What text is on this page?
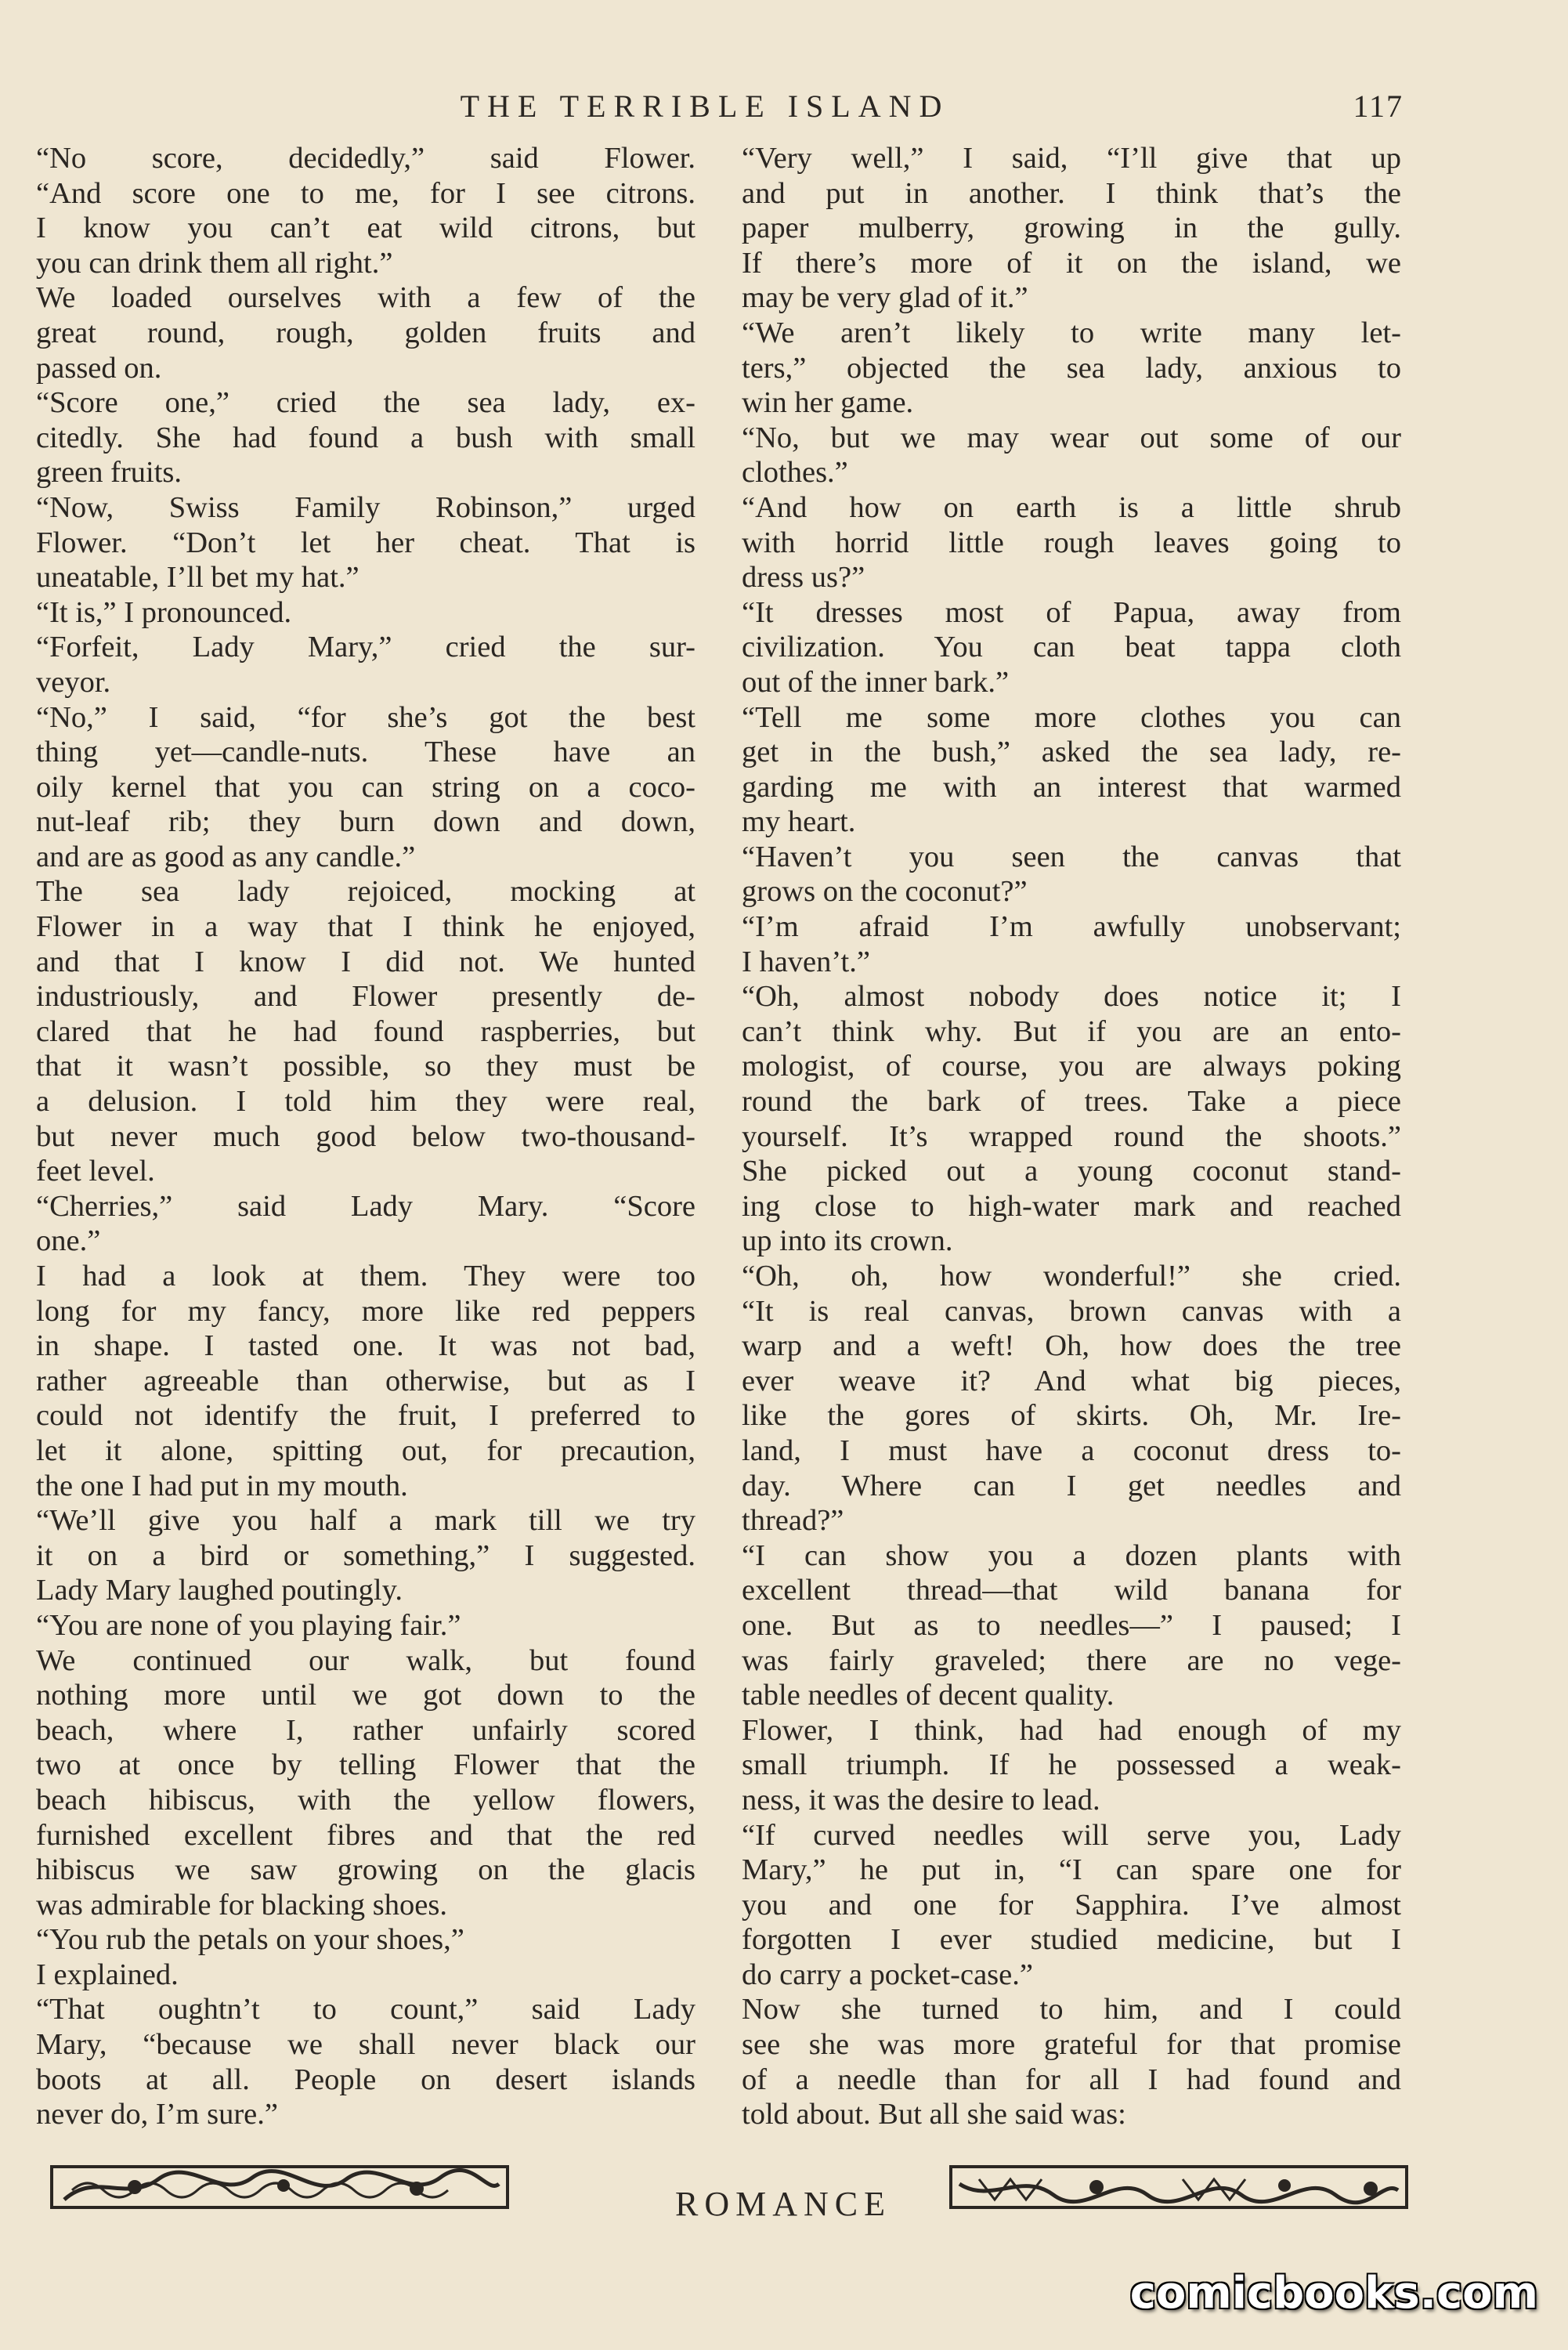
THE TERRIBLE ISLAND	117
“No score, decidedly,” said Flower.
“And score one to me, for I see citrons.
I know you can’t eat wild citrons, but
you can drink them all right.”
We loaded ourselves with a few of the
great round, rough, golden fruits and
passed on.
“Score one,” cried the sea lady, ex-
citedly. She had found a bush with small
green fruits.
“Now, Swiss Family Robinson,” urged
Flower. “Don’t let her cheat. That is
uneatable, I’ll bet my hat.”
“It is,” I pronounced.
“Forfeit, Lady Mary,” cried the sur-
veyor.
“No,” I said, “for she’s got the best
thing yet—candle-nuts. These have an
oily kernel that you can string on a coco-
nut-leaf rib; they burn down and down,
and are as good as any candle.”
The sea lady rejoiced, mocking at
Flower in a way that I think he enjoyed,
and that I know I did not. We hunted
industriously, and Flower presently de-
clared that he had found raspberries, but
that it wasn’t possible, so they must be
a delusion. I told him they were real,
but never much good below two-thousand-
feet level.
“Cherries,” said Lady Mary. “Score
one.”
I had a look at them. They were too
long for my fancy, more like red peppers
in shape. I tasted one. It was not bad,
rather agreeable than otherwise, but as I
could not identify the fruit, I preferred to
let it alone, spitting out, for precaution,
the one I had put in my mouth.
“We’ll give you half a mark till we try
it on a bird or something,” I suggested.
Lady Mary laughed poutingly.
“You are none of you playing fair.”
We continued our walk, but found
nothing more until we got down to the
beach, where I, rather unfairly scored
two at once by telling Flower that the
beach hibiscus, with the yellow flowers,
furnished excellent fibres and that the red
hibiscus we saw growing on the glacis
was admirable for blacking shoes.
“You rub the petals on your shoes,”
I explained.
“That oughtn’t to count,” said Lady
Mary, “because we shall never black our
boots at all. People on desert islands
never do, I’m sure.”
“Very well,” I said, “I’ll give that up
and put in another. I think that’s the
paper mulberry, growing in the gully.
If there’s more of it on the island, we
may be very glad of it.”
“We aren’t likely to write many let-
ters,” objected the sea lady, anxious to
win her game.
“No, but we may wear out some of our
clothes.”
“And how on earth is a little shrub
with horrid little rough leaves going to
dress us?”
“It dresses most of Papua, away from
civilization. You can beat tappa cloth
out of the inner bark.”
“Tell me some more clothes you can
get in the bush,” asked the sea lady, re-
garding me with an interest that warmed
my heart.
“Haven’t you seen the canvas that
grows on the coconut?”
“I’m afraid I’m awfully unobservant;
I haven’t.”
“Oh, almost nobody does notice it; I
can’t think why. But if you are an ento-
mologist, of course, you are always poking
round the bark of trees. Take a piece
yourself. It’s wrapped round the shoots.”
She picked out a young coconut stand-
ing close to high-water mark and reached
up into its crown.
“Oh, oh, how wonderful!” she cried.
“It is real canvas, brown canvas with a
warp and a weft! Oh, how does the tree
ever weave it? And what big pieces,
like the gores of skirts. Oh, Mr. Ire-
land, I must have a coconut dress to-
day. Where can I get needles and
thread?”
“I can show you a dozen plants with
excellent thread—that wild banana for
one. But as to needles—” I paused; I
was fairly graveled; there are no vege-
table needles of decent quality.
Flower, I think, had had enough of my
small triumph. If he possessed a weak-
ness, it was the desire to lead.
“If curved needles will serve you, Lady
Mary,” he put in, “I can spare one for
you and one for Sapphira. I’ve almost
forgotten I ever studied medicine, but I
do carry a pocket-case.”
Now she turned to him, and I could
see she was more grateful for that promise
of a needle than for all I had found and
told about. But all she said was:
ROMANCE
comicbooks.com
